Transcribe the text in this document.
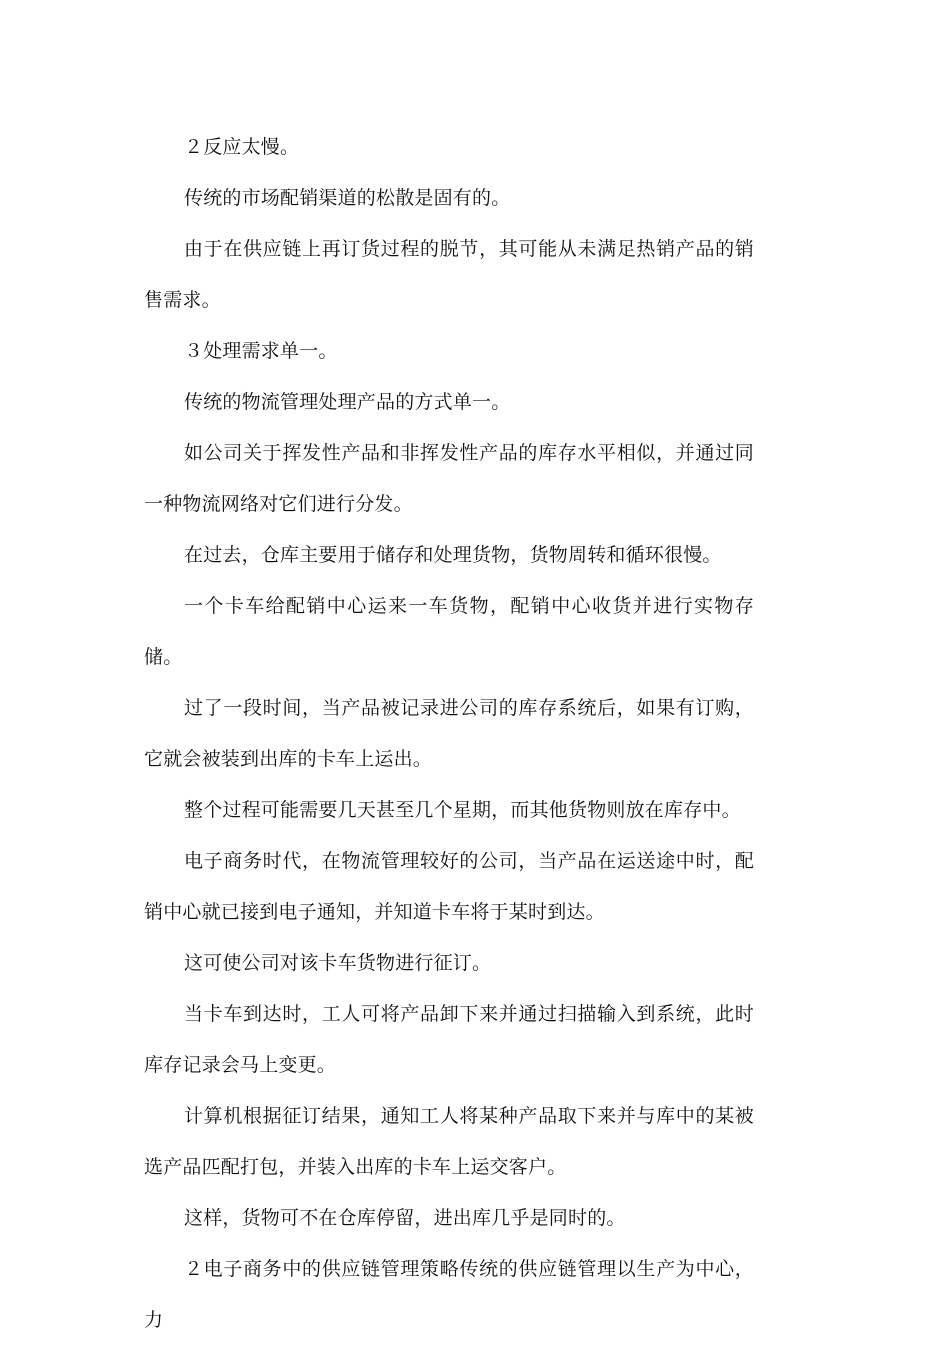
２反应太慢。

传统的市场配销渠道的松散是固有的。

由于在供应链上再订货过程的脱节，其可能从未满足热销产品的销售需求。

３处理需求单一。

传统的物流管理处理产品的方式单一。

如公司关于挥发性产品和非挥发性产品的库存水平相似，并通过同一种物流网络对它们进行分发。

在过去，仓库主要用于储存和处理货物，货物周转和循环很慢。

一个卡车给配销中心运来一车货物，配销中心收货并进行实物存储。

过了一段时间，当产品被记录进公司的库存系统后，如果有订购，它就会被装到出库的卡车上运出。

整个过程可能需要几天甚至几个星期，而其他货物则放在库存中。

电子商务时代，在物流管理较好的公司，当产品在运送途中时，配销中心就已接到电子通知，并知道卡车将于某时到达。

这可使公司对该卡车货物进行征订。

当卡车到达时，工人可将产品卸下来并通过扫描输入到系统，此时库存记录会马上变更。

计算机根据征订结果，通知工人将某种产品取下来并与库中的某被选产品匹配打包，并装入出库的卡车上运交客户。

这样，货物可不在仓库停留，进出库几乎是同时的。

２电子商务中的供应链管理策略传统的供应链管理以生产为中心，力
